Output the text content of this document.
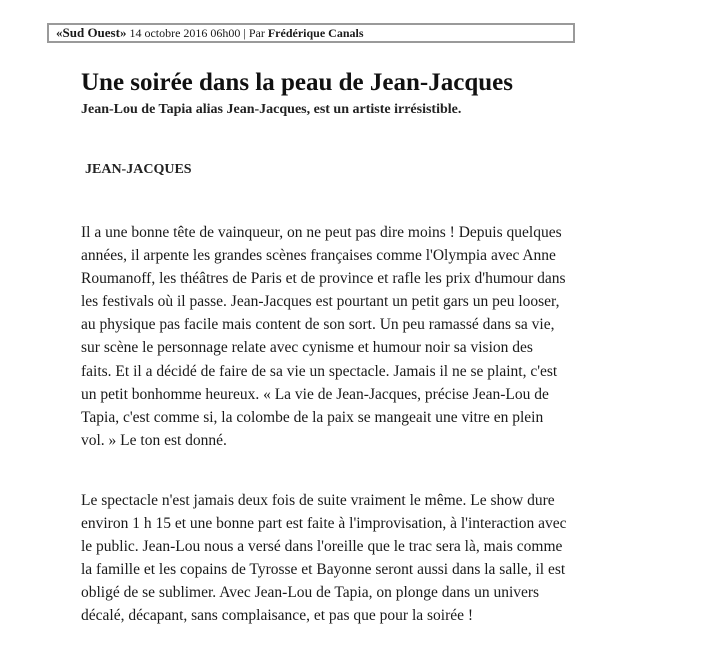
«Sud Ouest» 14 octobre 2016 06h00 | Par Frédérique Canals
Une soirée dans la peau de Jean-Jacques

Jean-Lou de Tapia alias Jean-Jacques, est un artiste irrésistible.

JEAN-JACQUES

Il a une bonne tête de vainqueur, on ne peut pas dire moins ! Depuis quelques
années, il arpente les grandes scènes françaises comme l'Olympia avec Anne
Roumanoff, les théâtres de Paris et de province et rafle les prix d'humour dans
les festivals où il passe. Jean-Jacques est pourtant un petit gars un peu looser,
au physique pas facile mais content de son sort. Un peu ramassé dans sa vie,
sur scène le personnage relate avec cynisme et humour noir sa vision des
faits. Et il a décidé de faire de sa vie un spectacle. Jamais il ne se plaint, c'est
un petit bonhomme heureux. « La vie de Jean-Jacques, précise Jean-Lou de
Tapia, c'est comme si, la colombe de la paix se mangeait une vitre en plein
vol. » Le ton est donné.
Le spectacle n'est jamais deux fois de suite vraiment le même. Le show dure
environ 1 h 15 et une bonne part est faite à l'improvisation, à l'interaction avec
le public. Jean-Lou nous a versé dans l'oreille que le trac sera là, mais comme
la famille et les copains de Tyrosse et Bayonne seront aussi dans la salle, il est
obligé de se sublimer. Avec Jean-Lou de Tapia, on plonge dans un univers
décalé, décapant, sans complaisance, et pas que pour la soirée !
